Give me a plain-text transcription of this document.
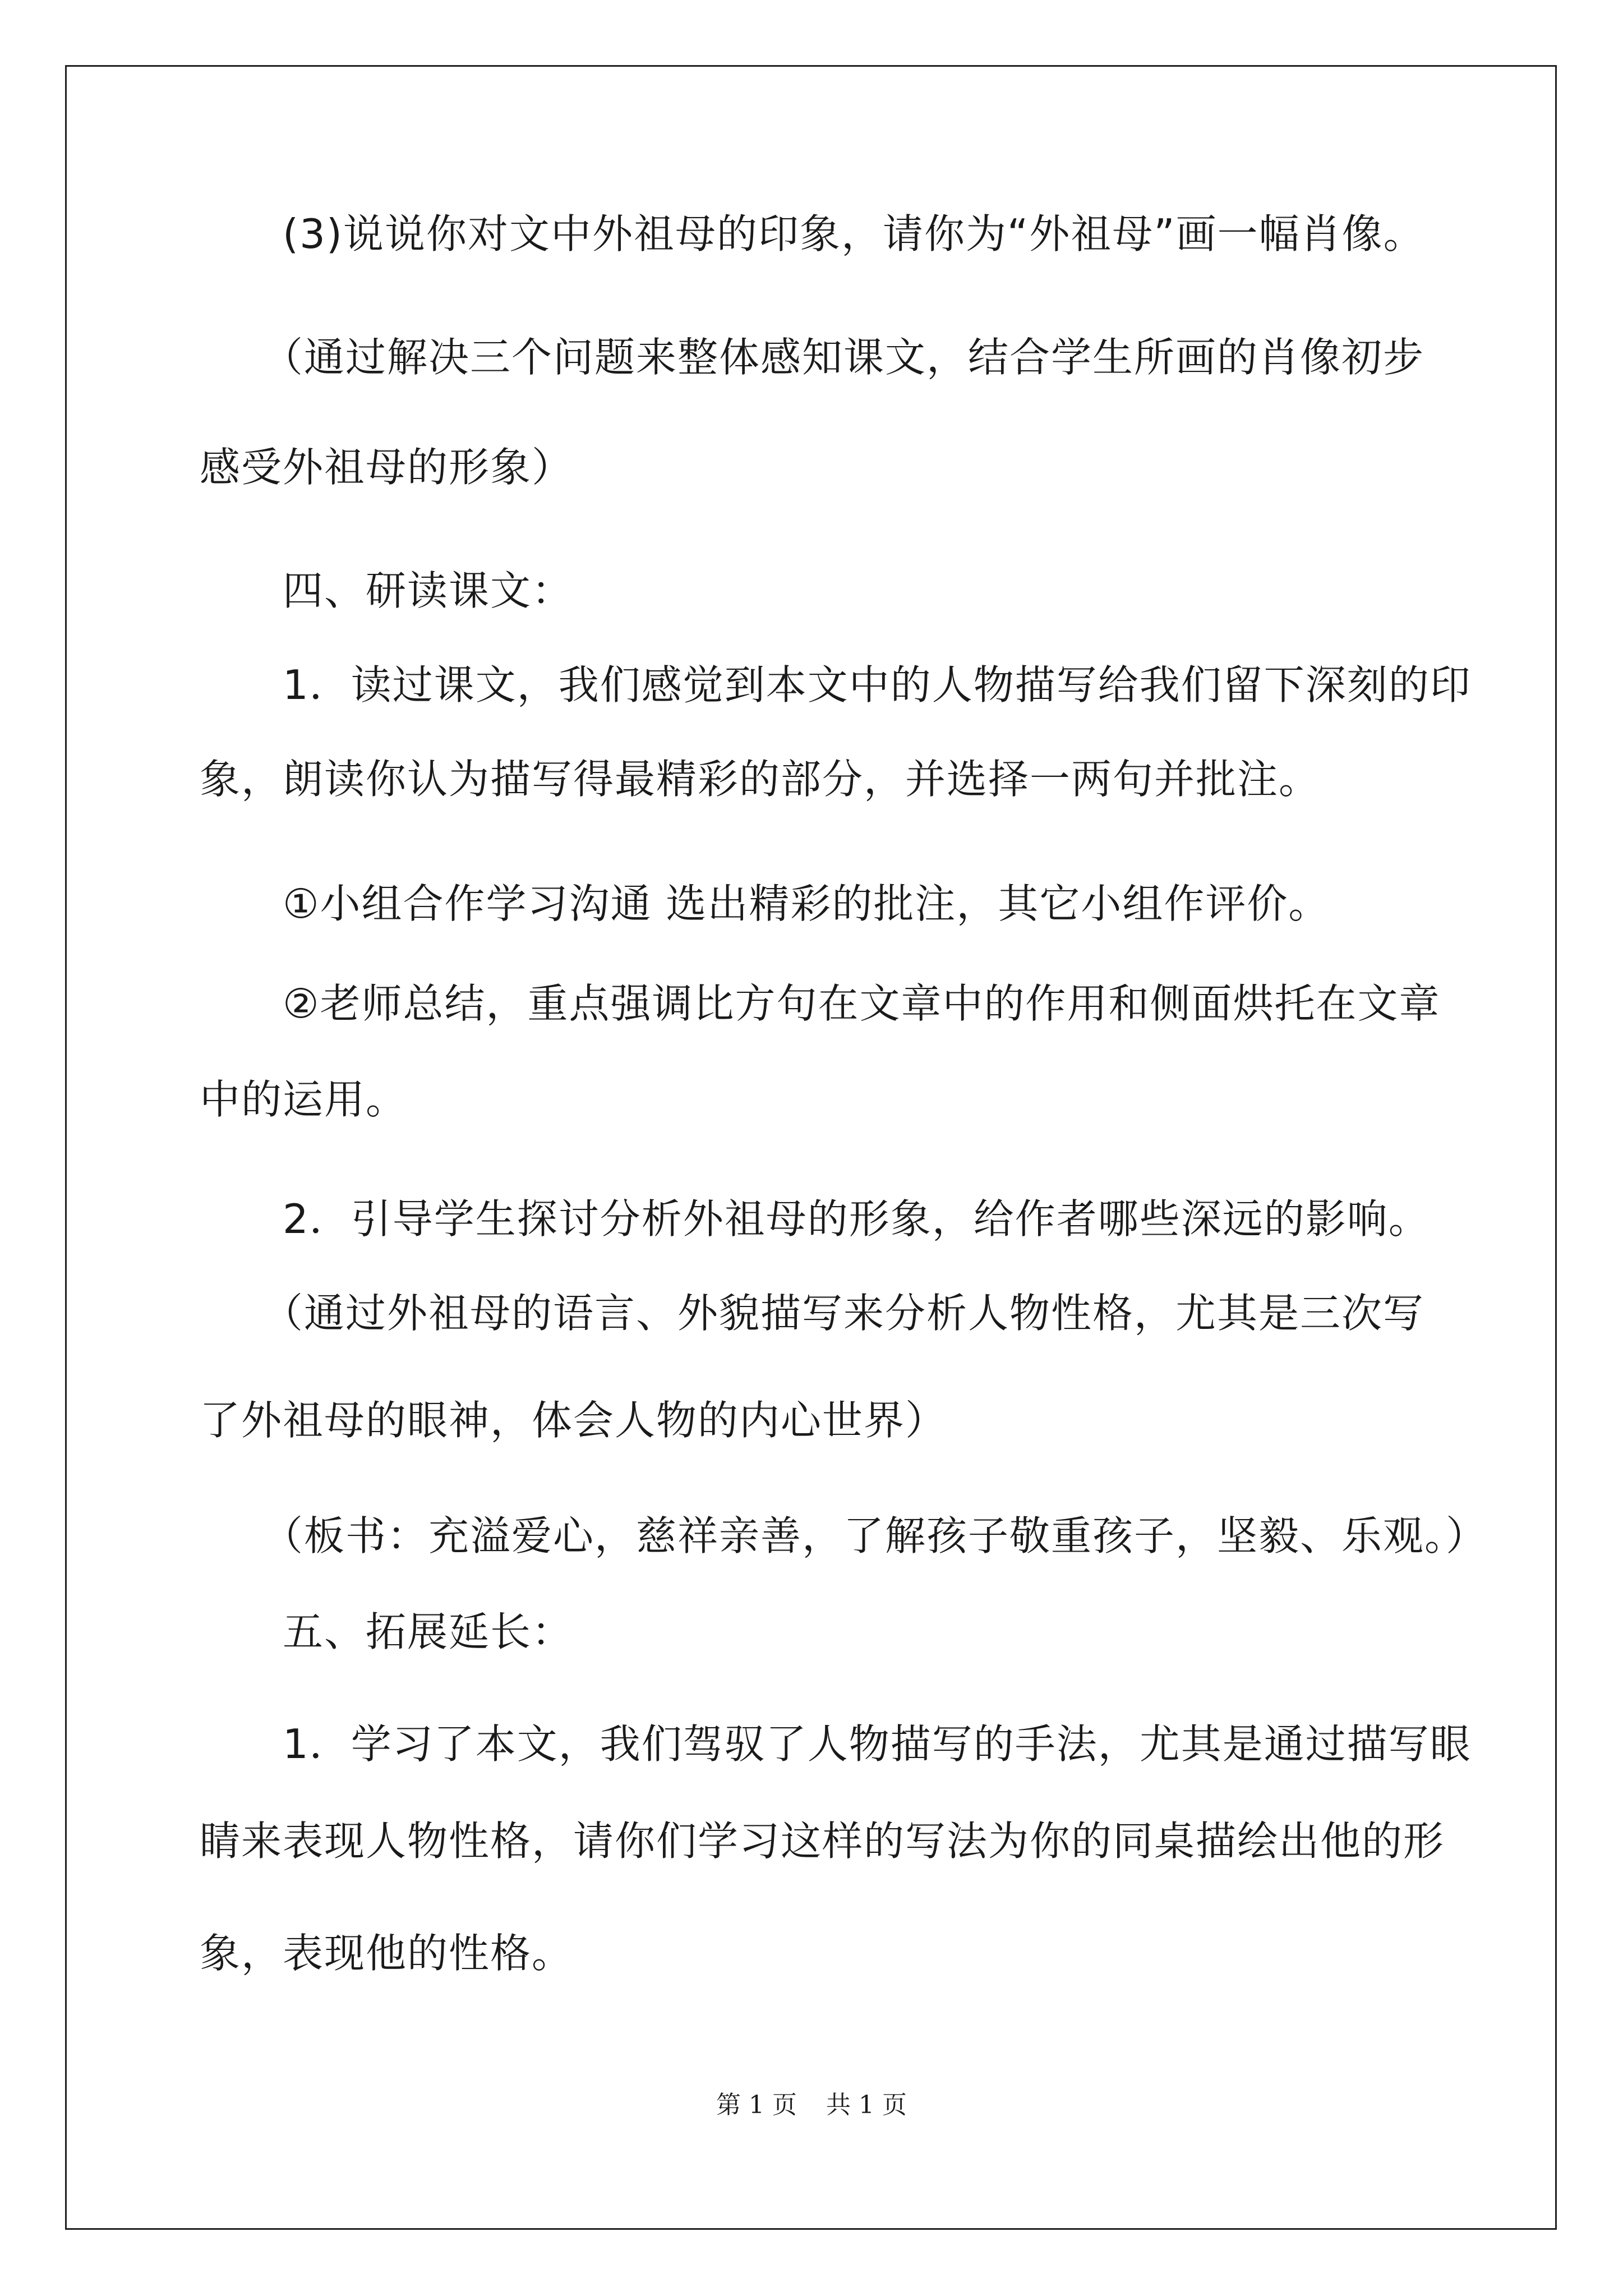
　　(3)说说你对文中外祖母的印象，请你为“外祖母”画一幅肖像。
　　（通过解决三个问题来整体感知课文，结合学生所画的肖像初步
感受外祖母的形象）
　　四、研读课文：
　　1．读过课文，我们感觉到本文中的人物描写给我们留下深刻的印
象，朗读你认为描写得最精彩的部分，并选择一两句并批注。
　　①小组合作学习沟通 选出精彩的批注，其它小组作评价。
　　②老师总结，重点强调比方句在文章中的作用和侧面烘托在文章
中的运用。
　　2．引导学生探讨分析外祖母的形象，给作者哪些深远的影响。
　　（通过外祖母的语言、外貌描写来分析人物性格，尤其是三次写
了外祖母的眼神，体会人物的内心世界）
　　（板书：充溢爱心，慈祥亲善，了解孩子敬重孩子，坚毅、乐观。）
　　五、拓展延长：
　　1．学习了本文，我们驾驭了人物描写的手法，尤其是通过描写眼
睛来表现人物性格，请你们学习这样的写法为你的同桌描绘出他的形
象，表现他的性格。
第 1 页 共 1 页
